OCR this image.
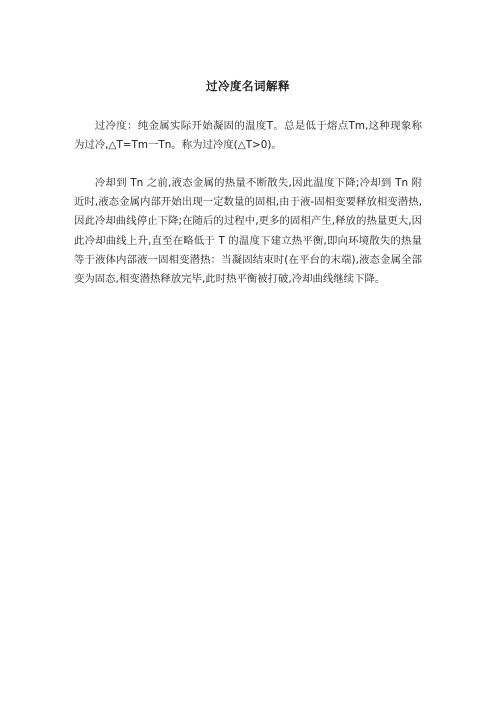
过冷度名词解释

过冷度：纯金属实际开始凝固的温度T。总是低于熔点Tm,这种现象称为过冷,△T=Tm一Tn。称为过冷度(△T>0)。

冷却到 Tn 之前,液态金属的热量不断散失,因此温度下降;冷却到 Tn 附近时,液态金属内部开始出现一定数量的固相,由于液-固相变要释放相变潜热,因此冷却曲线停止下降;在随后的过程中,更多的固相产生,释放的热量更大,因此冷却曲线上升,直至在略低于 T 的温度下建立热平衡,即向环境散失的热量等于液体内部液一固相变潜热：当凝固结束时(在平台的末端),液态金属全部变为固态,相变潜热释放完毕,此时热平衡被打破,冷却曲线继续下降。
